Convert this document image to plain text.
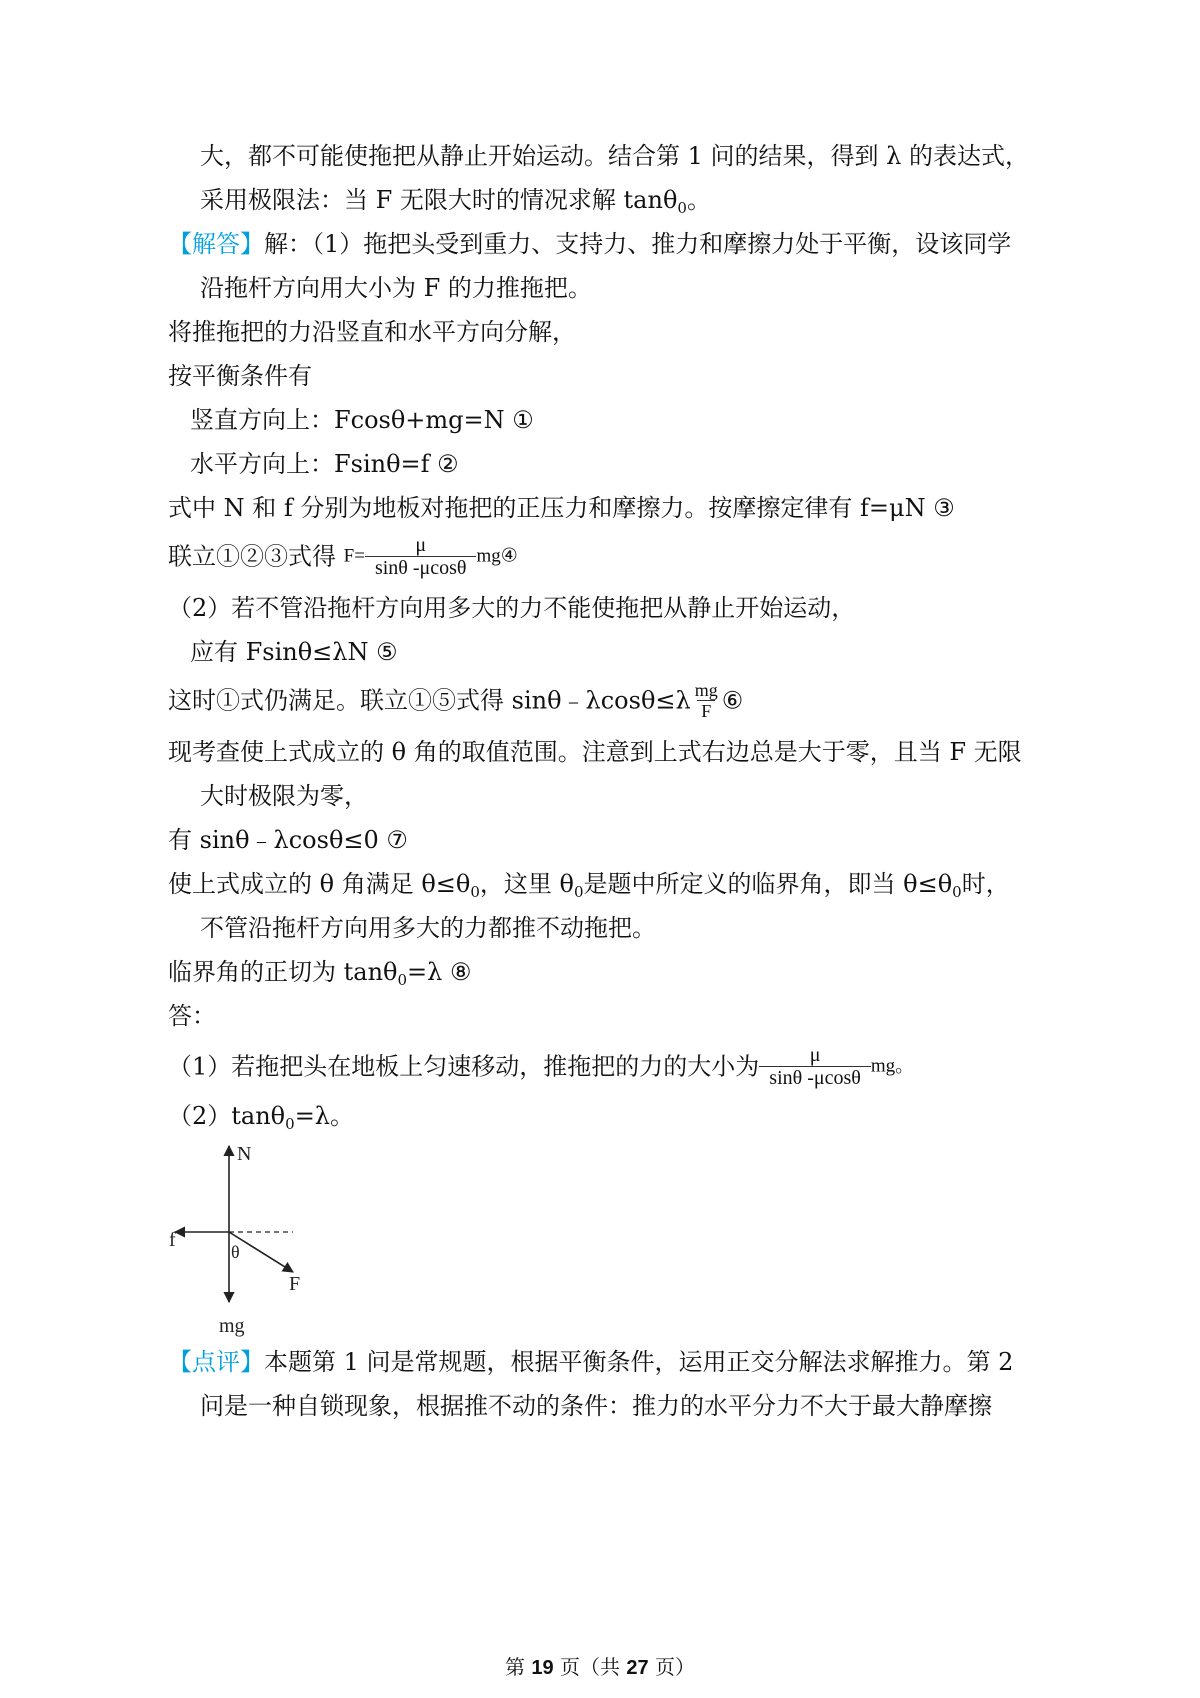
大，都不可能使拖把从静止开始运动。结合第 1 问的结果，得到 λ 的表达式，
采用极限法：当 F 无限大时的情况求解 tanθ$_0$。
【解答】解：（1）拖把头受到重力、支持力、推力和摩擦力处于平衡，设该同学
沿拖杆方向用大小为 F 的力推拖把。
将推拖把的力沿竖直和水平方向分解，
按平衡条件有
竖直方向上：Fcosθ+mg=N ①
水平方向上：Fsinθ=f ②
式中 N 和 f 分别为地板对拖把的正压力和摩擦力。按摩擦定律有 f=μN ③
联立①②③式得 $F= \frac{\mu}{\sin\theta -\mu\cos\theta}$ mg④
（2）若不管沿拖杆方向用多大的力不能使拖把从静止开始运动，
应有 Fsinθ≤λN ⑤
这时①式仍满足。联立①⑤式得 sinθ﹣λcosθ≤λ $\frac{mg}{F}$ ⑥
现考查使上式成立的 θ 角的取值范围。注意到上式右边总是大于零，且当 F 无限
大时极限为零，
有 sinθ﹣λcosθ≤0 ⑦
使上式成立的 θ 角满足 $\theta\le\theta_0$，这里 $\theta_0$是题中所定义的临界角，即当 $\theta\le\theta_0$时，
不管沿拖杆方向用多大的力都推不动拖把。
临界角的正切为 tanθ$_0$=λ ⑧
答：
（1）若拖把头在地板上匀速移动，推拖把的力的大小为 $\frac{\mu}{\sin\theta -\mu\cos\theta}$ mg。
（2）tanθ$_0$=λ。
N
f
θ
F
mg
【点评】本题第 1 问是常规题，根据平衡条件，运用正交分解法求解推力。第 2
问是一种自锁现象，根据推不动的条件：推力的水平分力不大于最大静摩擦
第 19 页（共 27 页）
